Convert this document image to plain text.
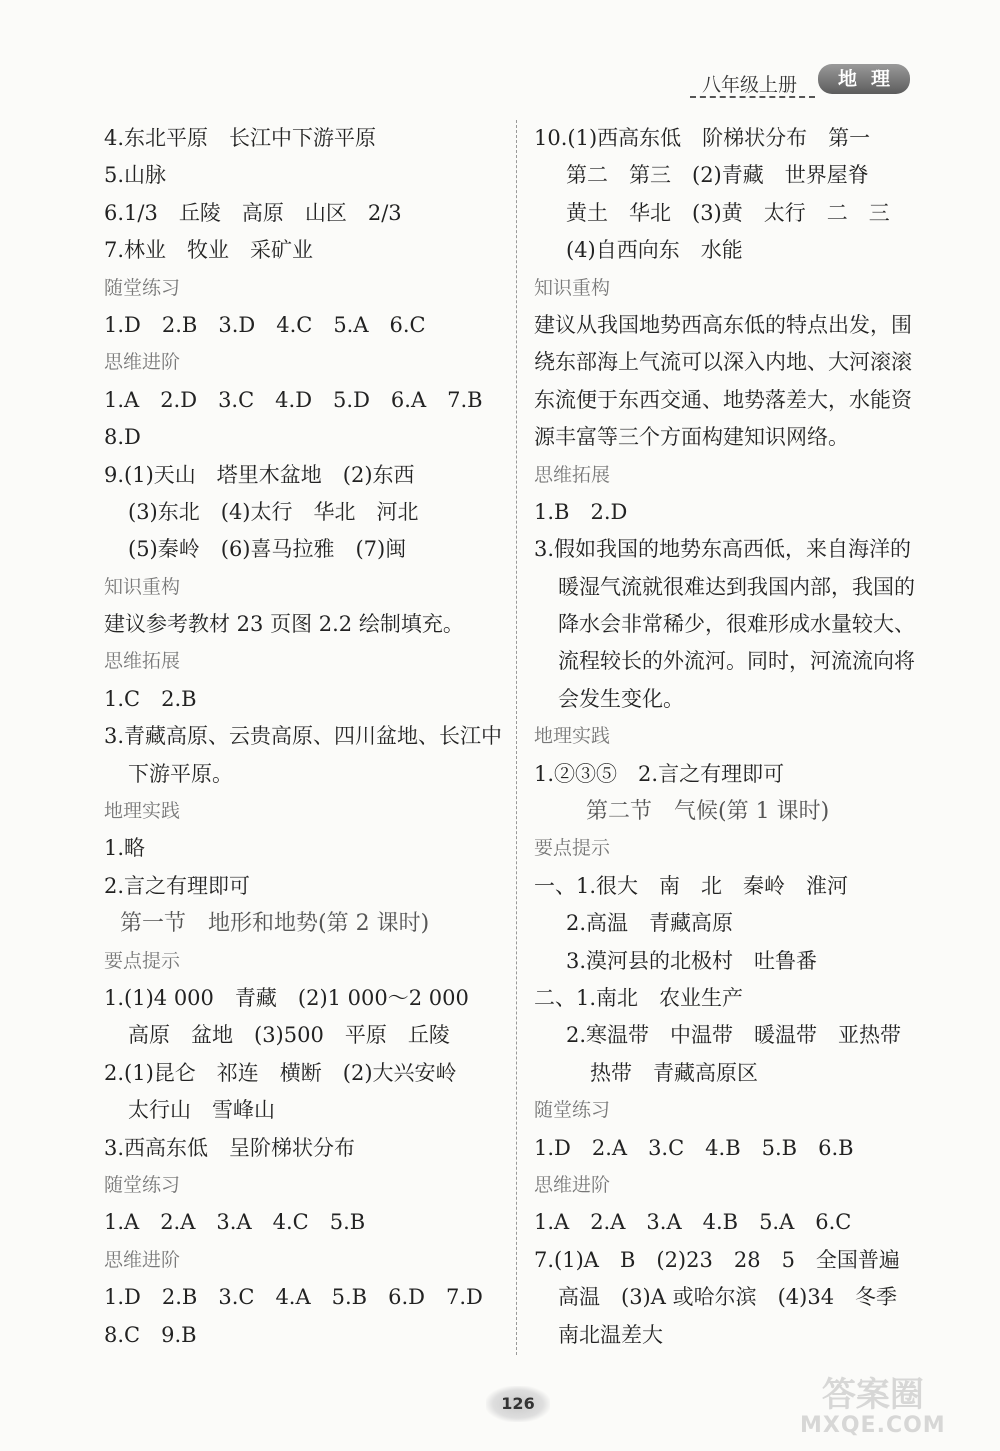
八年级上册	地理
4.东北平原　长江中下游平原
5.山脉
6.1/3　丘陵　高原　山区　2/3
7.林业　牧业　采矿业
随堂练习
1.D　2.B　3.D　4.C　5.A　6.C
思维进阶
1.A　2.D　3.C　4.D　5.D　6.A　7.B
8.D
9.(1)天山　塔里木盆地　(2)东西
(3)东北　(4)太行　华北　河北
(5)秦岭　(6)喜马拉雅　(7)闽
知识重构
建议参考教材 23 页图 2.2 绘制填充。
思维拓展
1.C　2.B
3.青藏高原、云贵高原、四川盆地、长江中
下游平原。
地理实践
1.略
2.言之有理即可
第一节　地形和地势(第 2 课时)
要点提示
1.(1)4 000　青藏　(2)1 000～2 000
高原　盆地　(3)500　平原　丘陵
2.(1)昆仑　祁连　横断　(2)大兴安岭
太行山　雪峰山
3.西高东低　呈阶梯状分布
随堂练习
1.A　2.A　3.A　4.C　5.B
思维进阶
1.D　2.B　3.C　4.A　5.B　6.D　7.D
8.C　9.B
10.(1)西高东低　阶梯状分布　第一
第二　第三　(2)青藏　世界屋脊
黄土　华北　(3)黄　太行　二　三
(4)自西向东　水能
知识重构
建议从我国地势西高东低的特点出发，围
绕东部海上气流可以深入内地、大河滚滚
东流便于东西交通、地势落差大，水能资
源丰富等三个方面构建知识网络。
思维拓展
1.B　2.D
3.假如我国的地势东高西低，来自海洋的
暖湿气流就很难达到我国内部，我国的
降水会非常稀少，很难形成水量较大、
流程较长的外流河。同时，河流流向将
会发生变化。
地理实践
1.②③⑤　2.言之有理即可
第二节　气候(第 1 课时)
要点提示
一、1.很大　南　北　秦岭　淮河
2.高温　青藏高原
3.漠河县的北极村　吐鲁番
二、1.南北　农业生产
2.寒温带　中温带　暖温带　亚热带
热带　青藏高原区
随堂练习
1.D　2.A　3.C　4.B　5.B　6.B
思维进阶
1.A　2.A　3.A　4.B　5.A　6.C
7.(1)A　B　(2)23　28　5　全国普遍
高温　(3)A 或哈尔滨　(4)34　冬季
南北温差大
126	答案圈
MXQE.COM
